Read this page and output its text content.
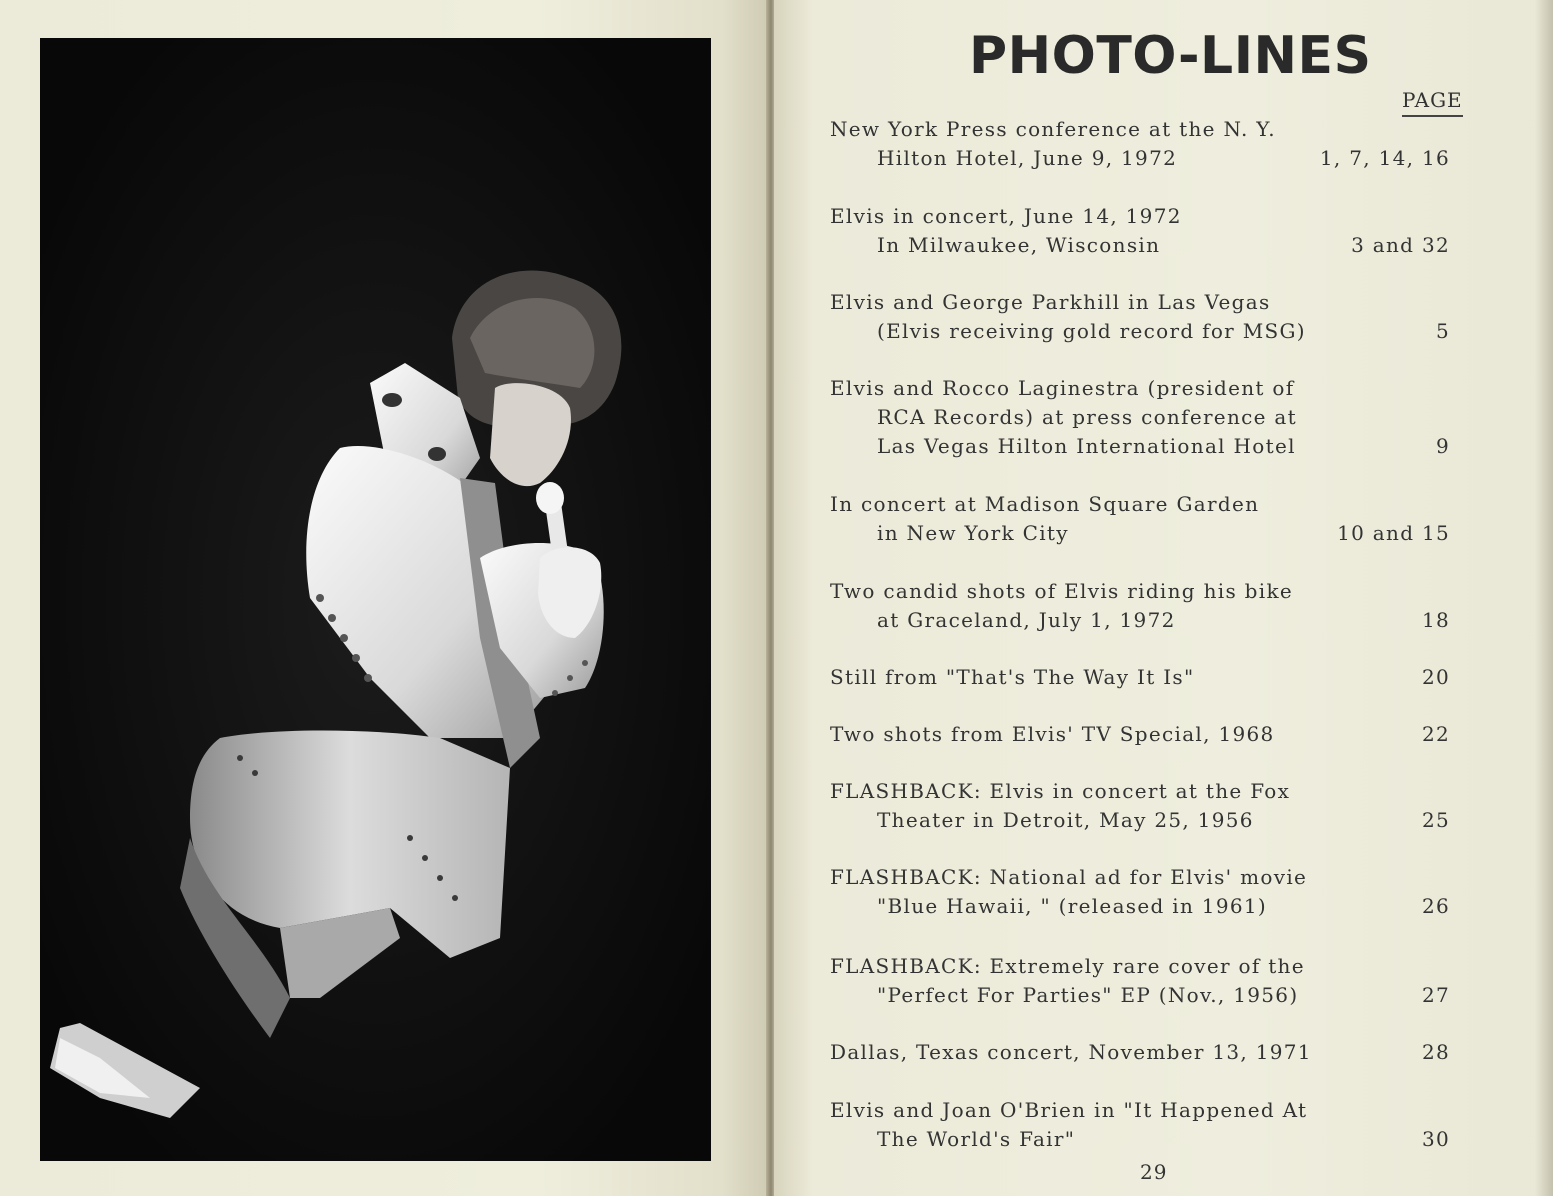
PHOTO-LINES
PAGE
New York Press conference at the N. Y.
Hilton Hotel, June 9, 1972	1, 7, 14, 16
Elvis in concert, June 14, 1972
In Milwaukee, Wisconsin	3 and 32
Elvis and George Parkhill in Las Vegas
(Elvis receiving gold record for MSG)	5
Elvis and Rocco Laginestra (president of
RCA Records) at press conference at
Las Vegas Hilton International Hotel	9
In concert at Madison Square Garden
in New York City	10 and 15
Two candid shots of Elvis riding his bike
at Graceland, July 1, 1972	18
Still from "That's The Way It Is"	20
Two shots from Elvis' TV Special, 1968	22
FLASHBACK: Elvis in concert at the Fox
Theater in Detroit, May 25, 1956	25
FLASHBACK: National ad for Elvis' movie
"Blue Hawaii, " (released in 1961)	26
FLASHBACK: Extremely rare cover of the
"Perfect For Parties" EP (Nov., 1956)	27
Dallas, Texas concert, November 13, 1971	28
Elvis and Joan O'Brien in "It Happened At
The World's Fair"	30
29
